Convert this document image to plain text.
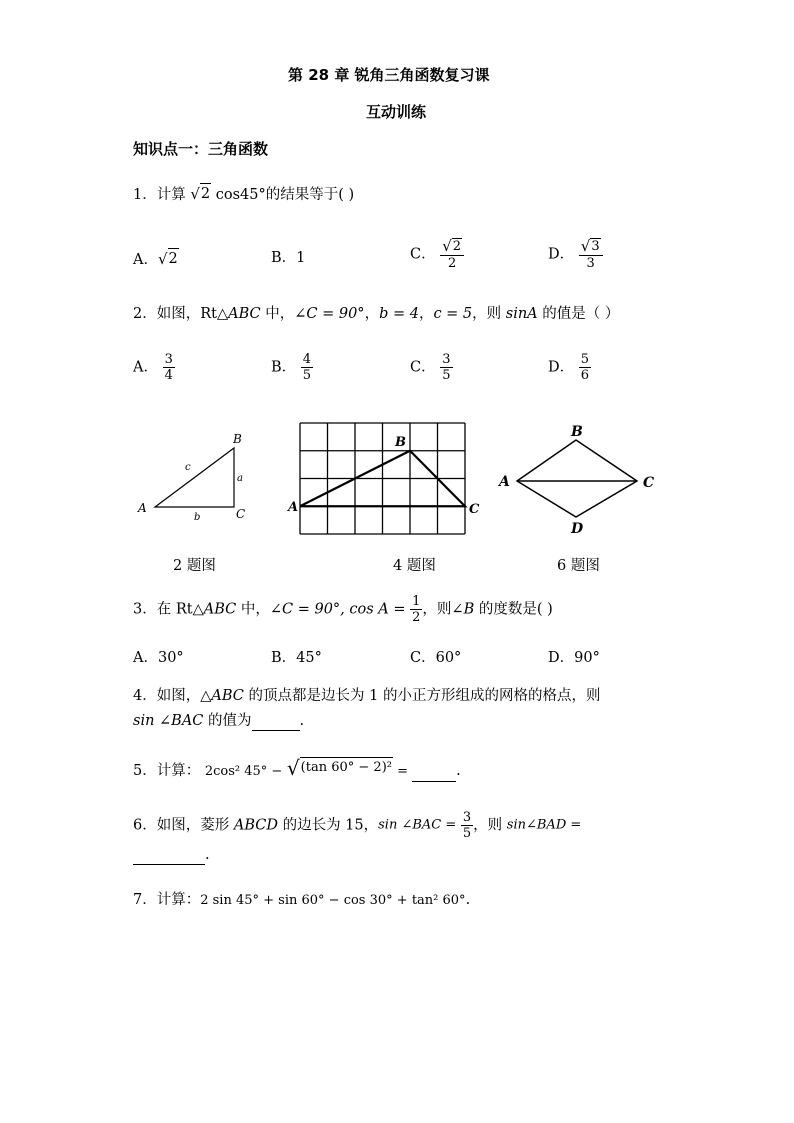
第 28 章 锐角三角函数复习课
互动训练
知识点一：三角函数
1．计算 √ 2 cos45°的结果等于( )
A． √ 2	B．1	C． $\frac{√ 2}{2}$	D． $\frac{√ 3}{3}$
2．如图，Rt△ABC 中，∠C = 90°，b = 4，c = 5，则 sinA 的值是（ ）
A． $\frac{3}{4}$	B． $\frac{4}{5}$	C． $\frac{3}{5}$	D． $\frac{5}{6}$
A
B
C
a
b
c
2 题图
A
B
C
4 题图
A
B
C
D
6 题图
3．在 Rt△ABC 中，∠C = 90°, $\cos A = \frac{1}{2}$ ，则∠B 的度数是( )
A．30°	B．45°	C．60°	D．90°
4．如图，△ABC 的顶点都是边长为 1 的小正方形组成的网格的格点，则
sin ∠BAC 的值为	.
5．计算： 2cos² 45° − √ (tan 60° − 2)² =	.
6．如图，菱形 ABCD 的边长为 15，sin ∠BAC = $\frac{3}{5}$ ，则 sin∠BAD =
.
7．计算：2 sin 45° + sin 60° − cos 30° + tan² 60°.
